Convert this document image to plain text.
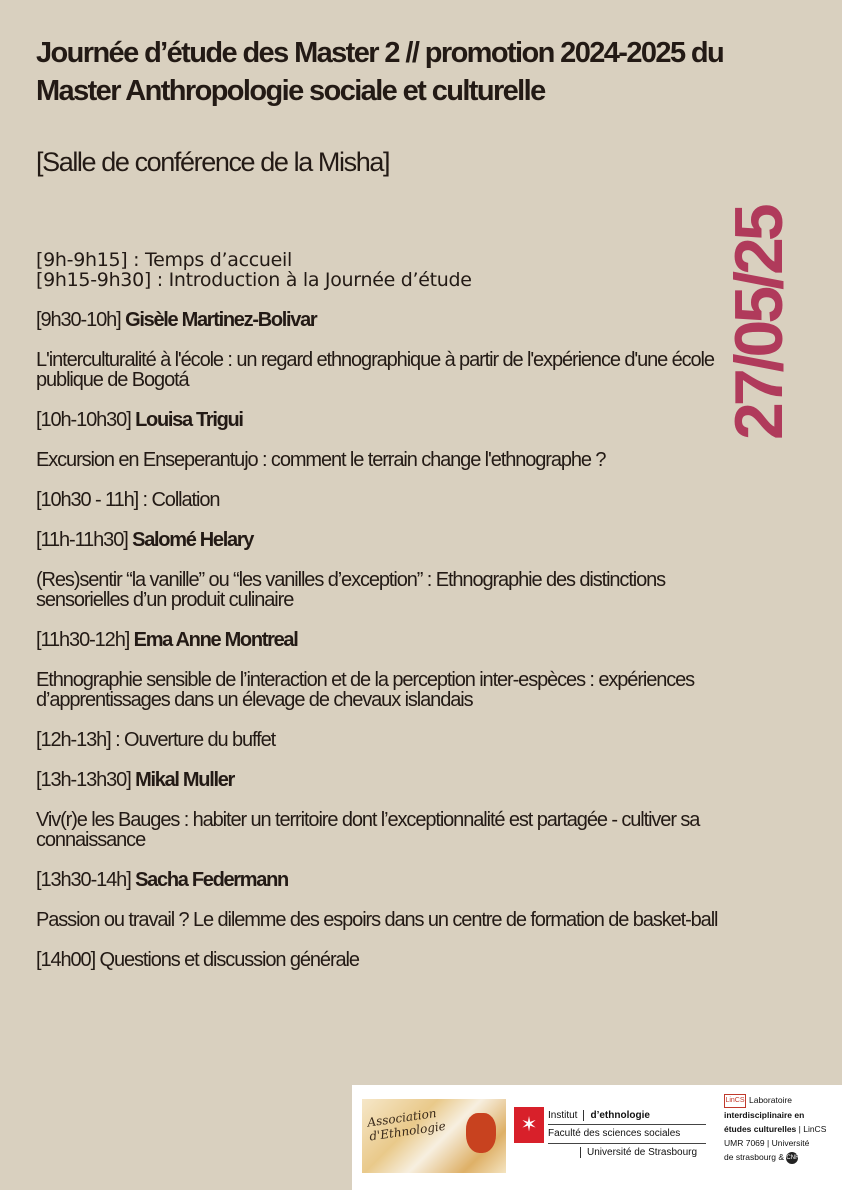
Journée d’étude des Master 2 // promotion 2024-2025 du Master Anthropologie sociale et culturelle

[Salle de conférence de la Misha]

27/05/25
[9h-9h15] : Temps d’accueil
[9h15-9h30] : Introduction à la Journée d’étude

[9h30-10h] Gisèle Martinez-Bolivar

L'interculturalité à l'école : un regard ethnographique à partir de l'expérience d'une école publique de Bogotá

[10h-10h30] Louisa Trigui

Excursion en Enseperantujo : comment le terrain change l'ethnographe ?

[10h30 - 11h] : Collation

[11h-11h30] Salomé Helary

(Res)sentir “la vanille” ou “les vanilles d’exception” : Ethnographie des distinctions sensorielles d’un produit culinaire

[11h30-12h] Ema Anne Montreal

Ethnographie sensible de l’interaction et de la perception inter-espèces : expériences d’apprentissages dans un élevage de chevaux islandais

[12h-13h] : Ouverture du buffet

[13h-13h30] Mikal Muller

Viv(r)e les Bauges : habiter un territoire dont l’exceptionnalité est partagée - cultiver sa connaissance

[13h30-14h] Sacha Federmann

Passion ou travail ? Le dilemme des espoirs dans un centre de formation de basket-ball

[14h00] Questions et discussion générale

Association d'Ethnologie	✶	Institut d’ethnologie
Faculté des sciences sociales
Université de Strasbourg
LinCS Laboratoire
interdisciplinaire en
études culturelles | LinCS
UMR 7069 | Université
de strasbourg & CNRS
